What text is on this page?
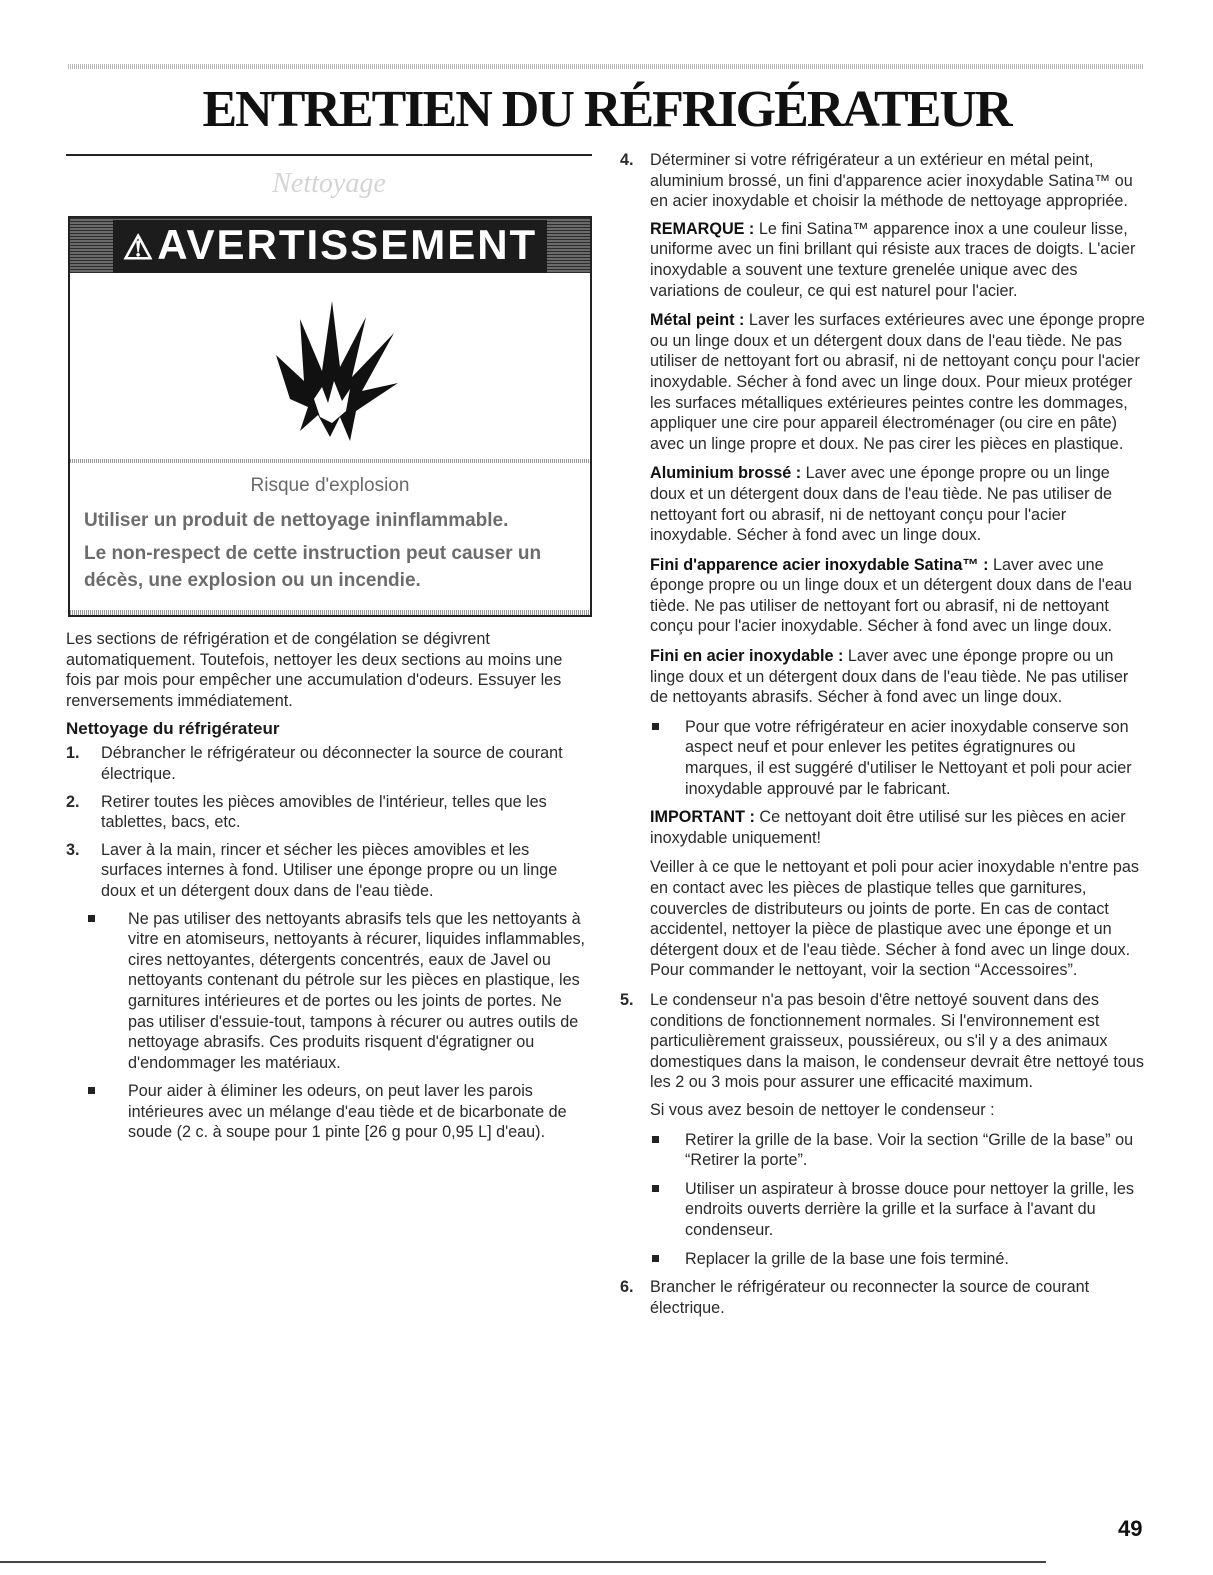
ENTRETIEN DU RÉFRIGÉRATEUR
Nettoyage
⚠AVERTISSEMENT
Risque d'explosion

Utiliser un produit de nettoyage ininflammable.

Le non-respect de cette instruction peut causer un décès, une explosion ou un incendie.

Les sections de réfrigération et de congélation se dégivrent automatiquement. Toutefois, nettoyer les deux sections au moins une fois par mois pour empêcher une accumulation d'odeurs. Essuyer les renversements immédiatement.

Nettoyage du réfrigérateur
1. Débrancher le réfrigérateur ou déconnecter la source de courant électrique.
2. Retirer toutes les pièces amovibles de l'intérieur, telles que les tablettes, bacs, etc.
3. Laver à la main, rincer et sécher les pièces amovibles et les surfaces internes à fond. Utiliser une éponge propre ou un linge doux et un détergent doux dans de l'eau tiède.
Ne pas utiliser des nettoyants abrasifs tels que les nettoyants à vitre en atomiseurs, nettoyants à récurer, liquides inflammables, cires nettoyantes, détergents concentrés, eaux de Javel ou nettoyants contenant du pétrole sur les pièces en plastique, les garnitures intérieures et de portes ou les joints de portes. Ne pas utiliser d'essuie-tout, tampons à récurer ou autres outils de nettoyage abrasifs. Ces produits risquent d'égratigner ou d'endommager les matériaux.
Pour aider à éliminer les odeurs, on peut laver les parois intérieures avec un mélange d'eau tiède et de bicarbonate de soude (2 c. à soupe pour 1 pinte [26 g pour 0,95 L] d'eau).
4. Déterminer si votre réfrigérateur a un extérieur en métal peint, aluminium brossé, un fini d'apparence acier inoxydable Satina™ ou en acier inoxydable et choisir la méthode de nettoyage appropriée.

REMARQUE : Le fini Satina™ apparence inox a une couleur lisse, uniforme avec un fini brillant qui résiste aux traces de doigts. L'acier inoxydable a souvent une texture grenelée unique avec des variations de couleur, ce qui est naturel pour l'acier.

Métal peint : Laver les surfaces extérieures avec une éponge propre ou un linge doux et un détergent doux dans de l'eau tiède. Ne pas utiliser de nettoyant fort ou abrasif, ni de nettoyant conçu pour l'acier inoxydable. Sécher à fond avec un linge doux. Pour mieux protéger les surfaces métalliques extérieures peintes contre les dommages, appliquer une cire pour appareil électroménager (ou cire en pâte) avec un linge propre et doux. Ne pas cirer les pièces en plastique.

Aluminium brossé : Laver avec une éponge propre ou un linge doux et un détergent doux dans de l'eau tiède. Ne pas utiliser de nettoyant fort ou abrasif, ni de nettoyant conçu pour l'acier inoxydable. Sécher à fond avec un linge doux.

Fini d'apparence acier inoxydable Satina™ : Laver avec une éponge propre ou un linge doux et un détergent doux dans de l'eau tiède. Ne pas utiliser de nettoyant fort ou abrasif, ni de nettoyant conçu pour l'acier inoxydable. Sécher à fond avec un linge doux.

Fini en acier inoxydable : Laver avec une éponge propre ou un linge doux et un détergent doux dans de l'eau tiède. Ne pas utiliser de nettoyants abrasifs. Sécher à fond avec un linge doux.

Pour que votre réfrigérateur en acier inoxydable conserve son aspect neuf et pour enlever les petites égratignures ou marques, il est suggéré d'utiliser le Nettoyant et poli pour acier inoxydable approuvé par le fabricant.

IMPORTANT : Ce nettoyant doit être utilisé sur les pièces en acier inoxydable uniquement!

Veiller à ce que le nettoyant et poli pour acier inoxydable n'entre pas en contact avec les pièces de plastique telles que garnitures, couvercles de distributeurs ou joints de porte. En cas de contact accidentel, nettoyer la pièce de plastique avec une éponge et un détergent doux et de l'eau tiède. Sécher à fond avec un linge doux. Pour commander le nettoyant, voir la section “Accessoires”.

5. Le condenseur n'a pas besoin d'être nettoyé souvent dans des conditions de fonctionnement normales. Si l'environnement est particulièrement graisseux, poussiéreux, ou s'il y a des animaux domestiques dans la maison, le condenseur devrait être nettoyé tous les 2 ou 3 mois pour assurer une efficacité maximum.

Si vous avez besoin de nettoyer le condenseur :

Retirer la grille de la base. Voir la section “Grille de la base” ou “Retirer la porte”.
Utiliser un aspirateur à brosse douce pour nettoyer la grille, les endroits ouverts derrière la grille et la surface à l'avant du condenseur.
Replacer la grille de la base une fois terminé.
6. Brancher le réfrigérateur ou reconnecter la source de courant électrique.
49
